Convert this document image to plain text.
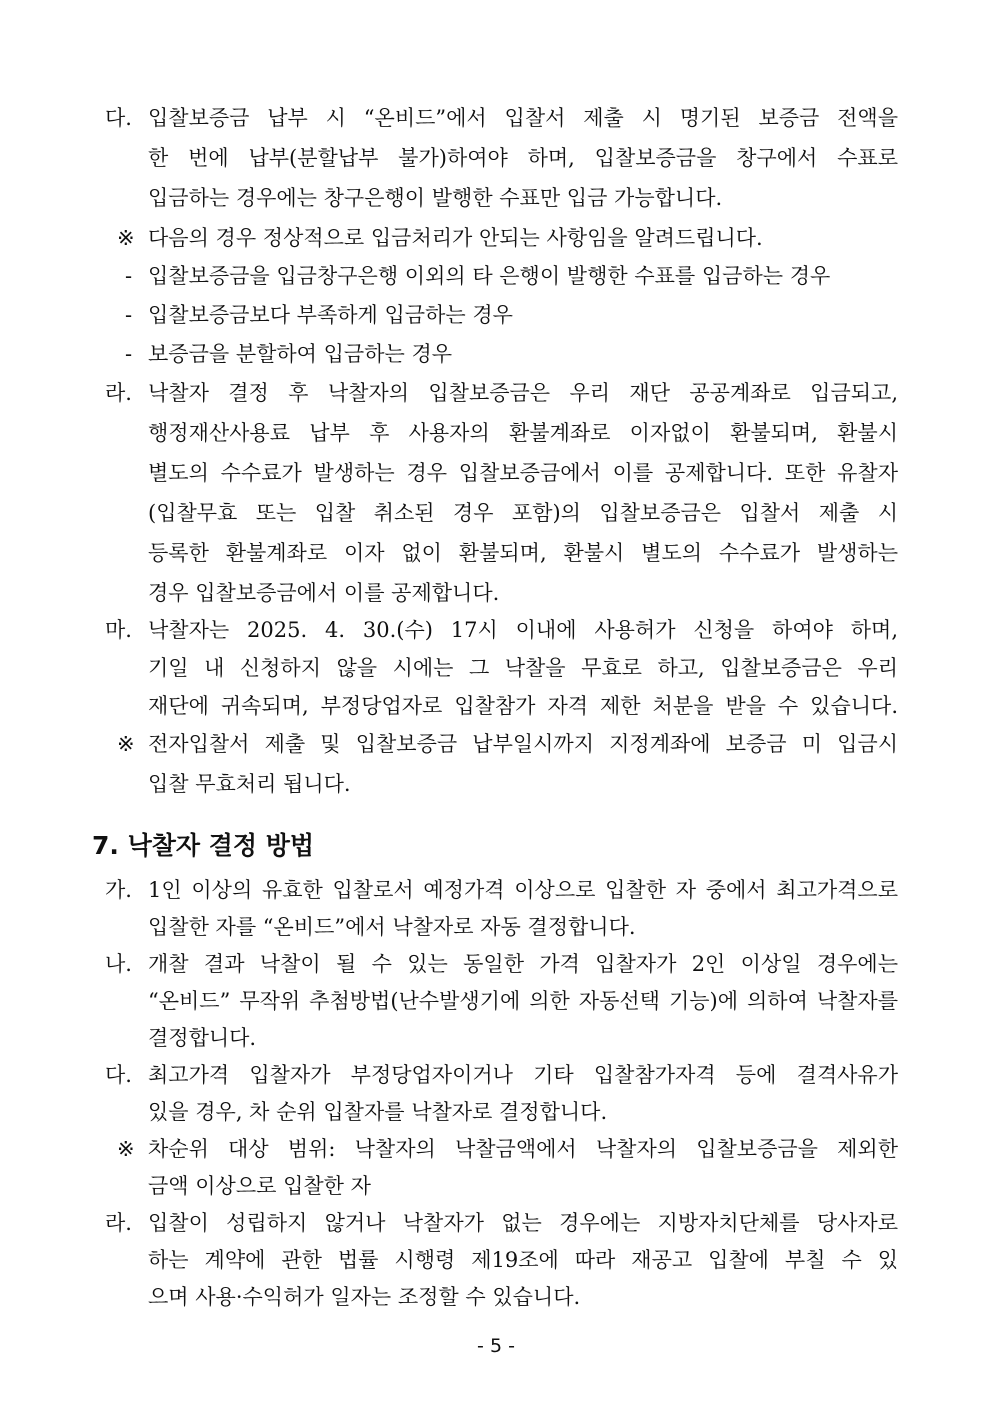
다. 입찰보증금 납부 시 “온비드”에서 입찰서 제출 시 명기된 보증금 전액을
한 번에 납부(분할납부 불가)하여야 하며, 입찰보증금을 창구에서 수표로
입금하는 경우에는 창구은행이 발행한 수표만 입금 가능합니다.
※ 다음의 경우 정상적으로 입금처리가 안되는 사항임을 알려드립니다.
- 입찰보증금을 입금창구은행 이외의 타 은행이 발행한 수표를 입금하는 경우
- 입찰보증금보다 부족하게 입금하는 경우
- 보증금을 분할하여 입금하는 경우
라. 낙찰자 결정 후 낙찰자의 입찰보증금은 우리 재단 공공계좌로 입금되고,
행정재산사용료 납부 후 사용자의 환불계좌로 이자없이 환불되며, 환불시
별도의 수수료가 발생하는 경우 입찰보증금에서 이를 공제합니다. 또한 유찰자
(입찰무효 또는 입찰 취소된 경우 포함)의 입찰보증금은 입찰서 제출 시
등록한 환불계좌로 이자 없이 환불되며, 환불시 별도의 수수료가 발생하는
경우 입찰보증금에서 이를 공제합니다.
마. 낙찰자는 2025. 4. 30.(수) 17시 이내에 사용허가 신청을 하여야 하며,
기일 내 신청하지 않을 시에는 그 낙찰을 무효로 하고, 입찰보증금은 우리
재단에 귀속되며, 부정당업자로 입찰참가 자격 제한 처분을 받을 수 있습니다.
※ 전자입찰서 제출 및 입찰보증금 납부일시까지 지정계좌에 보증금 미 입금시
입찰 무효처리 됩니다.
7. 낙찰자 결정 방법
가. 1인 이상의 유효한 입찰로서 예정가격 이상으로 입찰한 자 중에서 최고가격으로
입찰한 자를 “온비드”에서 낙찰자로 자동 결정합니다.
나. 개찰 결과 낙찰이 될 수 있는 동일한 가격 입찰자가 2인 이상일 경우에는
“온비드” 무작위 추첨방법(난수발생기에 의한 자동선택 기능)에 의하여 낙찰자를
결정합니다.
다. 최고가격 입찰자가 부정당업자이거나 기타 입찰참가자격 등에 결격사유가
있을 경우, 차 순위 입찰자를 낙찰자로 결정합니다.
※ 차순위 대상 범위: 낙찰자의 낙찰금액에서 낙찰자의 입찰보증금을 제외한
금액 이상으로 입찰한 자
라. 입찰이 성립하지 않거나 낙찰자가 없는 경우에는 지방자치단체를 당사자로
하는 계약에 관한 법률 시행령 제19조에 따라 재공고 입찰에 부칠 수 있
으며 사용·수익허가 일자는 조정할 수 있습니다.
- 5 -
